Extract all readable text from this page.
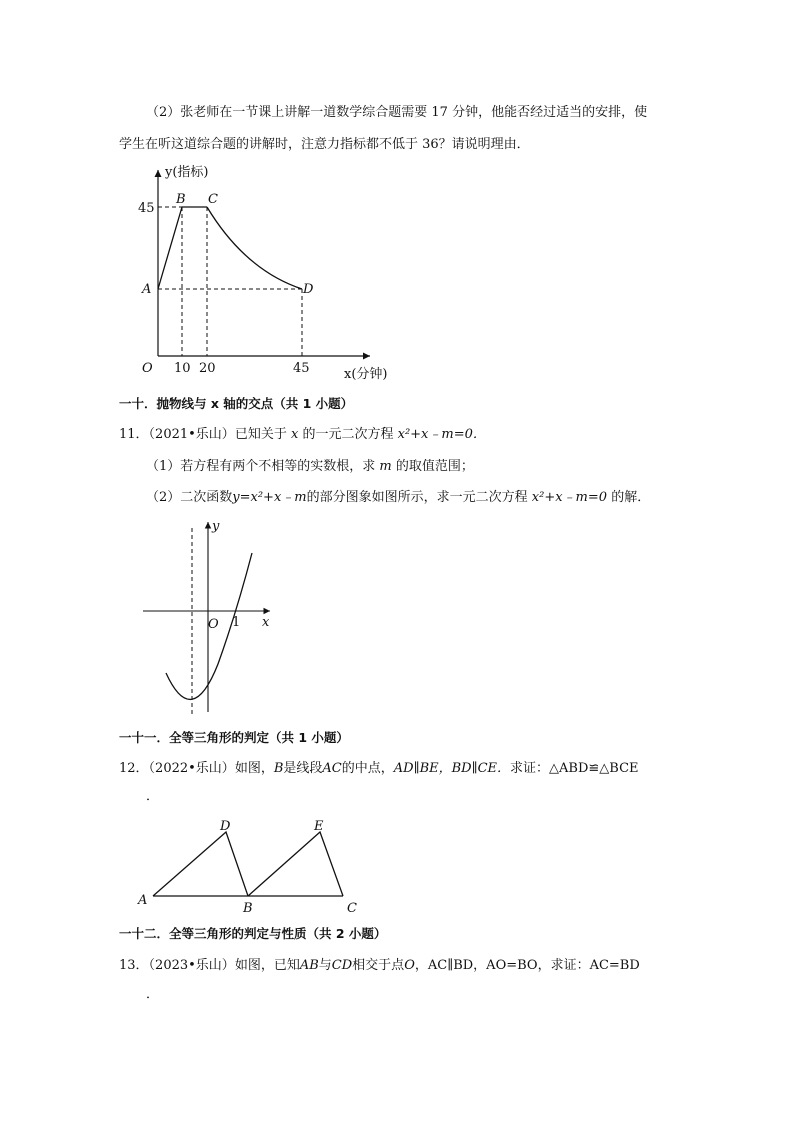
（2）张老师在一节课上讲解一道数学综合题需要 17 分钟，他能否经过适当的安排，使
学生在听这道综合题的讲解时，注意力指标都不低于 36？请说明理由．
y(指标)
x(分钟)
O
45
10 20	45
A
B C
D
y
x
O 1
A
B	C
D	E
一十．抛物线与 x 轴的交点（共 1 小题）
11．（2021•乐山）已知关于 x 的一元二次方程 x²+x﹣m=0．
（1）若方程有两个不相等的实数根，求 m 的取值范围；
（2）二次函数y=x²+x﹣m的部分图象如图所示，求一元二次方程 x²+x﹣m=0 的解．
一十一．全等三角形的判定（共 1 小题）
12．（2022•乐山）如图，B是线段AC的中点，AD∥BE，BD∥CE．求证：△ABD≌△BCE
．
一十二．全等三角形的判定与性质（共 2 小题）
13．（2023•乐山）如图，已知AB与CD相交于点O，AC∥BD，AO=BO，求证：AC=BD
．
